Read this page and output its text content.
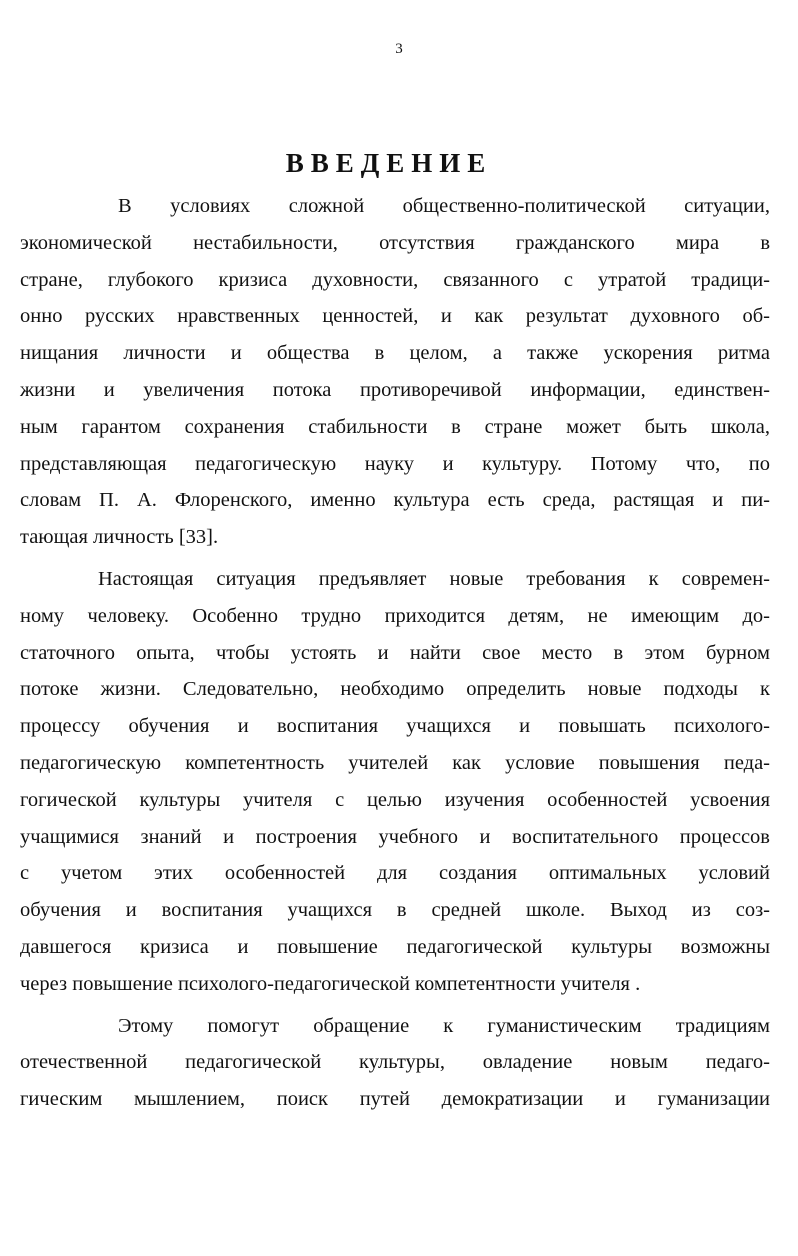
3
ВВЕДЕНИЕ
В условиях сложной общественно-политической ситуации,
экономической нестабильности, отсутствия гражданского мира в
стране, глубокого кризиса духовности, связанного с утратой традици-
онно русских нравственных ценностей, и как результат духовного об-
нищания личности и общества в целом, а также ускорения ритма
жизни и увеличения потока противоречивой информации, единствен-
ным гарантом сохранения стабильности в стране может быть школа,
представляющая педагогическую науку и культуру. Потому что, по
словам П. А. Флоренского, именно культура есть среда, растящая и пи-
тающая личность [33].
Настоящая ситуация предъявляет новые требования к современ-
ному человеку. Особенно трудно приходится детям, не имеющим до-
статочного опыта, чтобы устоять и найти свое место в этом бурном
потоке жизни. Следовательно, необходимо определить новые подходы к
процессу обучения и воспитания учащихся и повышать психолого-
педагогическую компетентность учителей как условие повышения педа-
гогической культуры учителя с целью изучения особенностей усвоения
учащимися знаний и построения учебного и воспитательного процессов
с учетом этих особенностей для создания оптимальных условий
обучения и воспитания учащихся в средней школе. Выход из соз-
давшегося кризиса и повышение педагогической культуры возможны
через повышение психолого-педагогической компетентности учителя .
Этому помогут обращение к гуманистическим традициям
отечественной педагогической культуры, овладение новым педаго-
гическим мышлением, поиск путей демократизации и гуманизации
